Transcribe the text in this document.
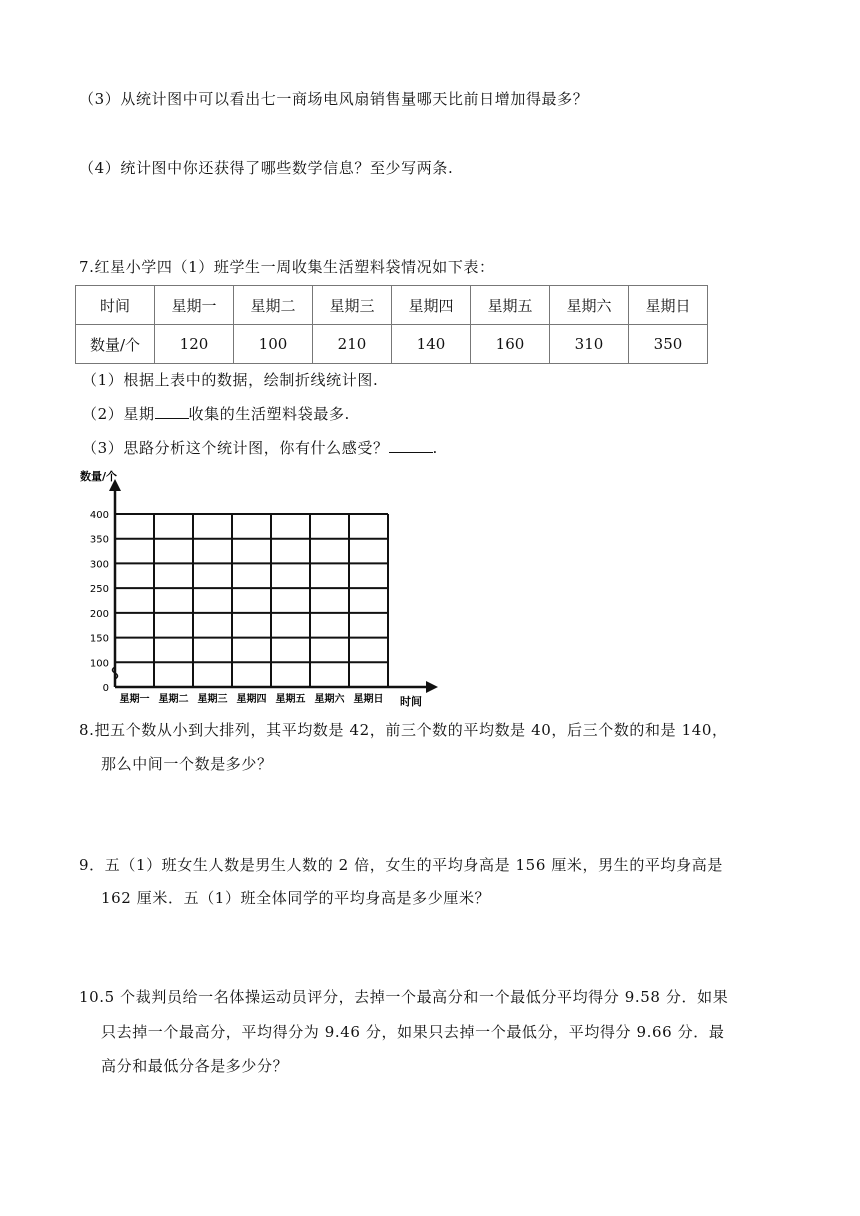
（3）从统计图中可以看出七一商场电风扇销售量哪天比前日增加得最多？
（4）统计图中你还获得了哪些数学信息？至少写两条.
7.红星小学四（1）班学生一周收集生活塑料袋情况如下表：
时间	星期一	星期二	星期三	星期四	星期五	星期六	星期日
数量/个	120	100	210	140	160	310	350
（1）根据上表中的数据，绘制折线统计图.
（2）星期 收集的生活塑料袋最多.
（3）思路分析这个统计图，你有什么感受？	.
0
100
150
200
250
300
350
400
星期一 星期二 星期三 星期四 星期五 星期六 星期日
数量/个
时间
8.把五个数从小到大排列，其平均数是 42，前三个数的平均数是 40，后三个数的和是 140，
那么中间一个数是多少？
9．五（1）班女生人数是男生人数的 2 倍，女生的平均身高是 156 厘米，男生的平均身高是
162 厘米．五（1）班全体同学的平均身高是多少厘米？
10.5 个裁判员给一名体操运动员评分，去掉一个最高分和一个最低分平均得分 9.58 分．如果
只去掉一个最高分，平均得分为 9.46 分，如果只去掉一个最低分，平均得分 9.66 分．最
高分和最低分各是多少分？
